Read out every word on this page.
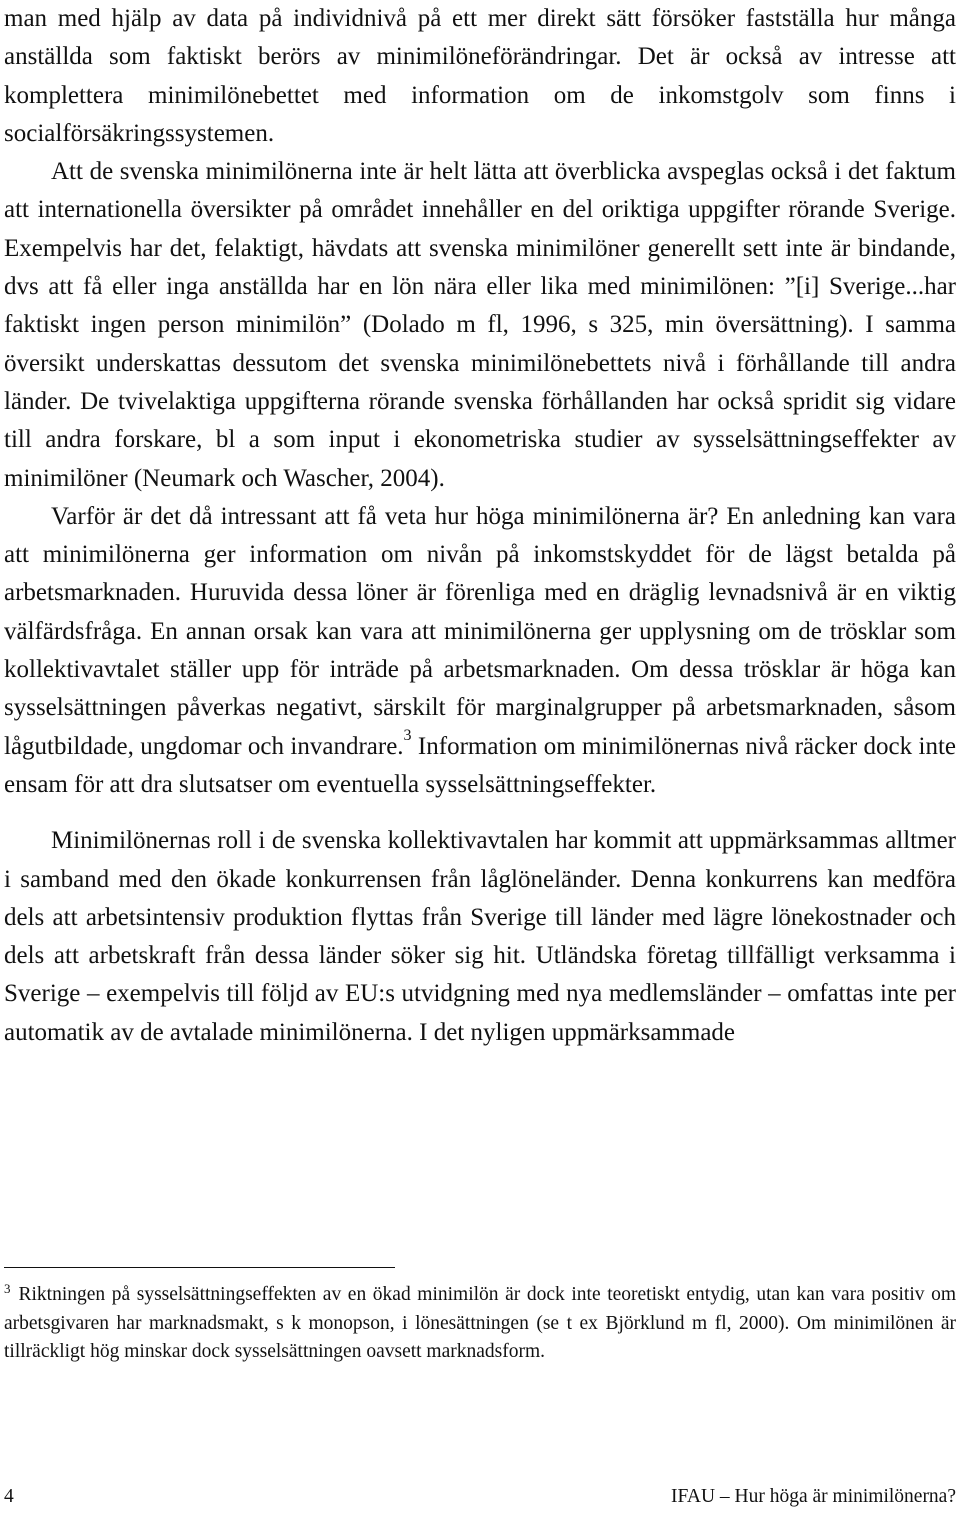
man med hjälp av data på individnivå på ett mer direkt sätt försöker fastställa hur många anställda som faktiskt berörs av minimilöneförändringar. Det är också av intresse att komplettera minimilönebettet med information om de inkomstgolv som finns i socialförsäkringssystemen.

Att de svenska minimilönerna inte är helt lätta att överblicka avspeglas också i det faktum att internationella översikter på området innehåller en del oriktiga uppgifter rörande Sverige. Exempelvis har det, felaktigt, hävdats att svenska minimilöner generellt sett inte är bindande, dvs att få eller inga anställda har en lön nära eller lika med minimilönen: ”[i] Sverige...har faktiskt ingen person minimilön” (Dolado m fl, 1996, s 325, min översättning). I samma översikt underskattas dessutom det svenska minimilönebettets nivå i förhållande till andra länder. De tvivelaktiga uppgifterna rörande svenska förhållanden har också spridit sig vidare till andra forskare, bl a som input i ekonometriska studier av sysselsättningseffekter av minimilöner (Neumark och Wascher, 2004).

Varför är det då intressant att få veta hur höga minimilönerna är? En anledning kan vara att minimilönerna ger information om nivån på inkomstskyddet för de lägst betalda på arbetsmarknaden. Huruvida dessa löner är förenliga med en dräglig levnadsnivå är en viktig välfärdsfråga. En annan orsak kan vara att minimilönerna ger upplysning om de trösklar som kollektivavtalet ställer upp för inträde på arbetsmarknaden. Om dessa trösklar är höga kan sysselsättningen påverkas negativt, särskilt för marginalgrupper på arbetsmarknaden, såsom lågutbildade, ungdomar och invandrare.$^3$ Information om minimilönernas nivå räcker dock inte ensam för att dra slutsatser om eventuella sysselsättningseffekter.

Minimilönernas roll i de svenska kollektivavtalen har kommit att uppmärksammas alltmer i samband med den ökade konkurrensen från låglöneländer. Denna konkurrens kan medföra dels att arbetsintensiv produktion flyttas från Sverige till länder med lägre lönekostnader och dels att arbetskraft från dessa länder söker sig hit. Utländska företag tillfälligt verksamma i Sverige – exempelvis till följd av EU:s utvidgning med nya medlemsländer – omfattas inte per automatik av de avtalade minimilönerna. I det nyligen uppmärksammade

$^3$ Riktningen på sysselsättningseffekten av en ökad minimilön är dock inte teoretiskt entydig, utan kan vara positiv om arbetsgivaren har marknadsmakt, s k monopson, i lönesättningen (se t ex Björklund m fl, 2000). Om minimilönen är tillräckligt hög minskar dock sysselsättningen oavsett marknadsform.

4	IFAU – Hur höga är minimilönerna?
